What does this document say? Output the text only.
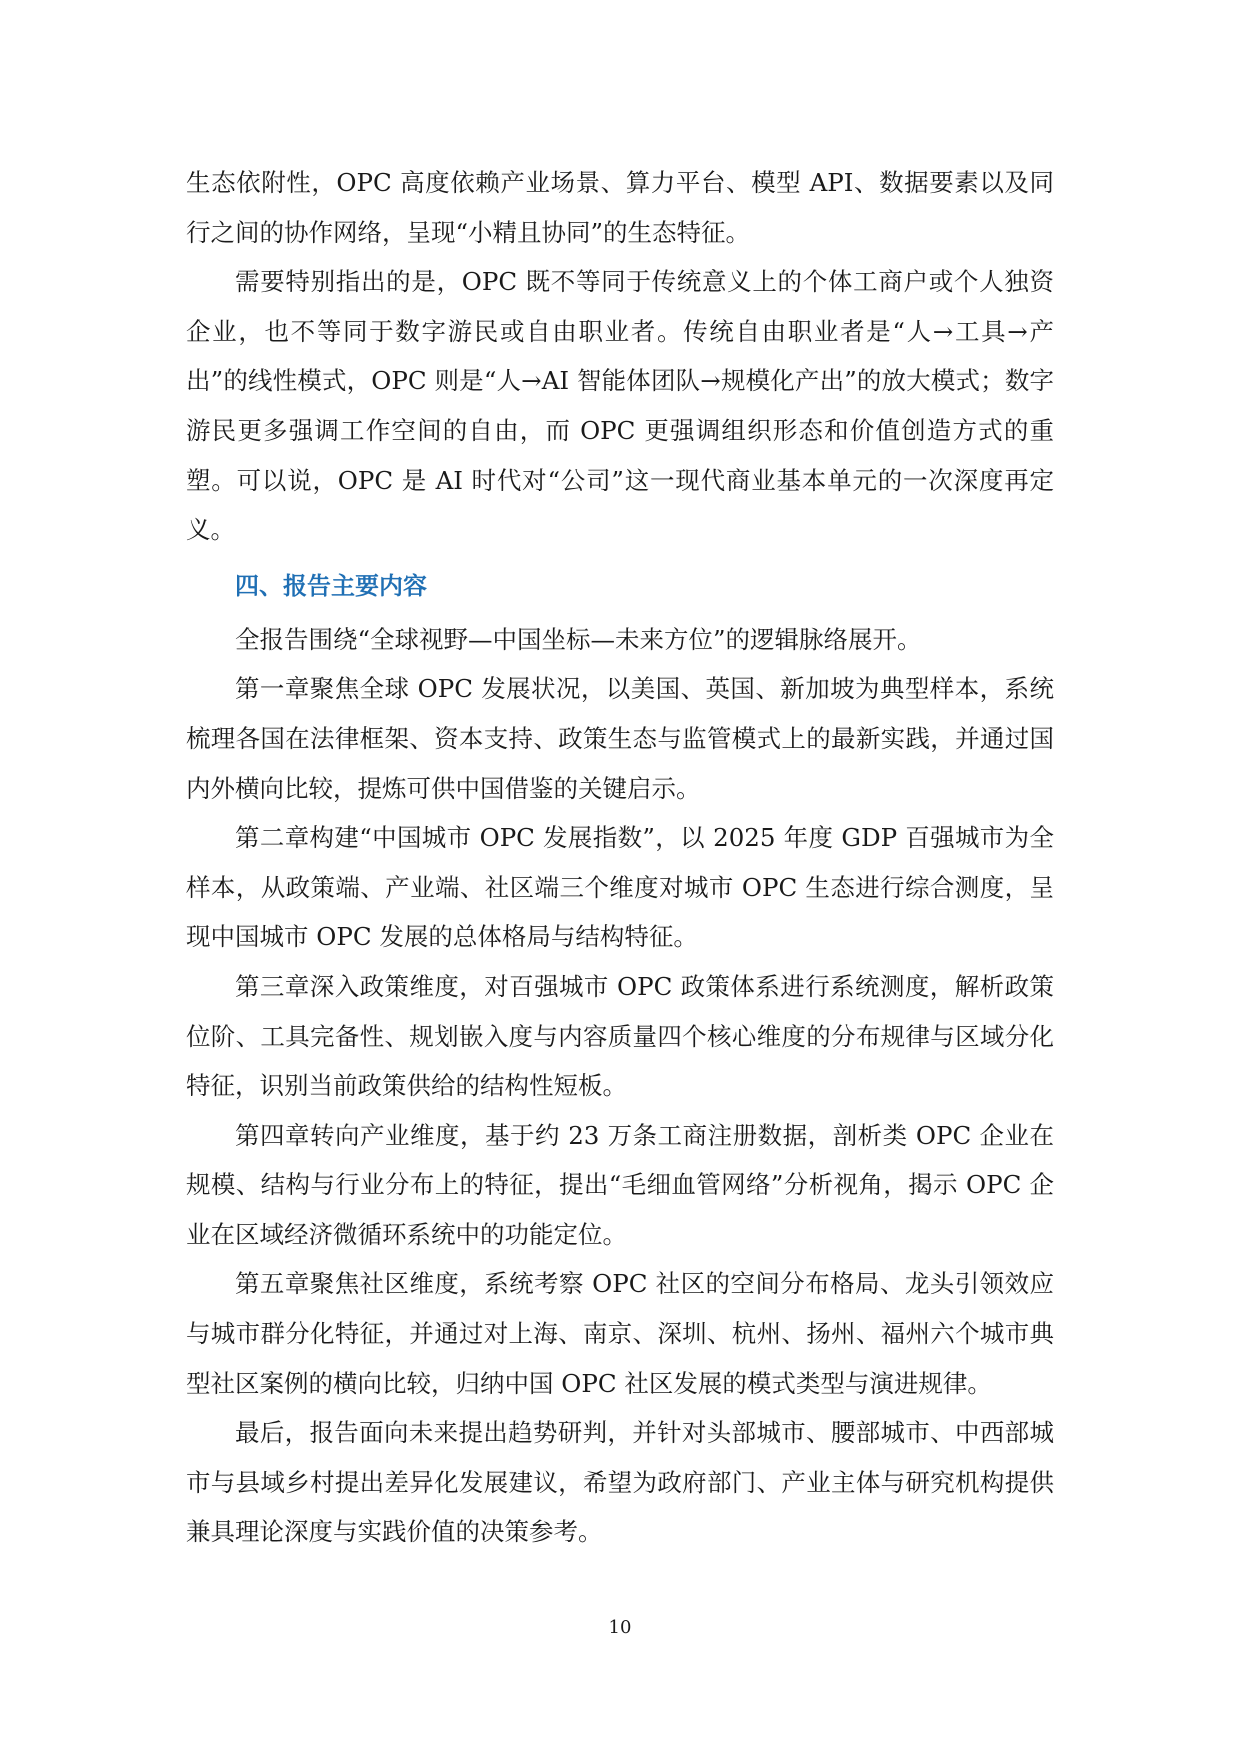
生态依附性，OPC 高度依赖产业场景、算力平台、模型 API、数据要素以及同行之间的协作网络，呈现“小精且协同”的生态特征。

需要特别指出的是，OPC 既不等同于传统意义上的个体工商户或个人独资企业，也不等同于数字游民或自由职业者。传统自由职业者是“人→工具→产出”的线性模式，OPC 则是“人→AI 智能体团队→规模化产出”的放大模式；数字游民更多强调工作空间的自由，而 OPC 更强调组织形态和价值创造方式的重塑。可以说，OPC 是 AI 时代对“公司”这一现代商业基本单元的一次深度再定义。

四、报告主要内容

全报告围绕“全球视野—中国坐标—未来方位”的逻辑脉络展开。

第一章聚焦全球 OPC 发展状况，以美国、英国、新加坡为典型样本，系统梳理各国在法律框架、资本支持、政策生态与监管模式上的最新实践，并通过国内外横向比较，提炼可供中国借鉴的关键启示。

第二章构建“中国城市 OPC 发展指数”，以 2025 年度 GDP 百强城市为全样本，从政策端、产业端、社区端三个维度对城市 OPC 生态进行综合测度，呈现中国城市 OPC 发展的总体格局与结构特征。

第三章深入政策维度，对百强城市 OPC 政策体系进行系统测度，解析政策位阶、工具完备性、规划嵌入度与内容质量四个核心维度的分布规律与区域分化特征，识别当前政策供给的结构性短板。

第四章转向产业维度，基于约 23 万条工商注册数据，剖析类 OPC 企业在规模、结构与行业分布上的特征，提出“毛细血管网络”分析视角，揭示 OPC 企业在区域经济微循环系统中的功能定位。

第五章聚焦社区维度，系统考察 OPC 社区的空间分布格局、龙头引领效应与城市群分化特征，并通过对上海、南京、深圳、杭州、扬州、福州六个城市典型社区案例的横向比较，归纳中国 OPC 社区发展的模式类型与演进规律。

最后，报告面向未来提出趋势研判，并针对头部城市、腰部城市、中西部城市与县域乡村提出差异化发展建议，希望为政府部门、产业主体与研究机构提供兼具理论深度与实践价值的决策参考。

10
